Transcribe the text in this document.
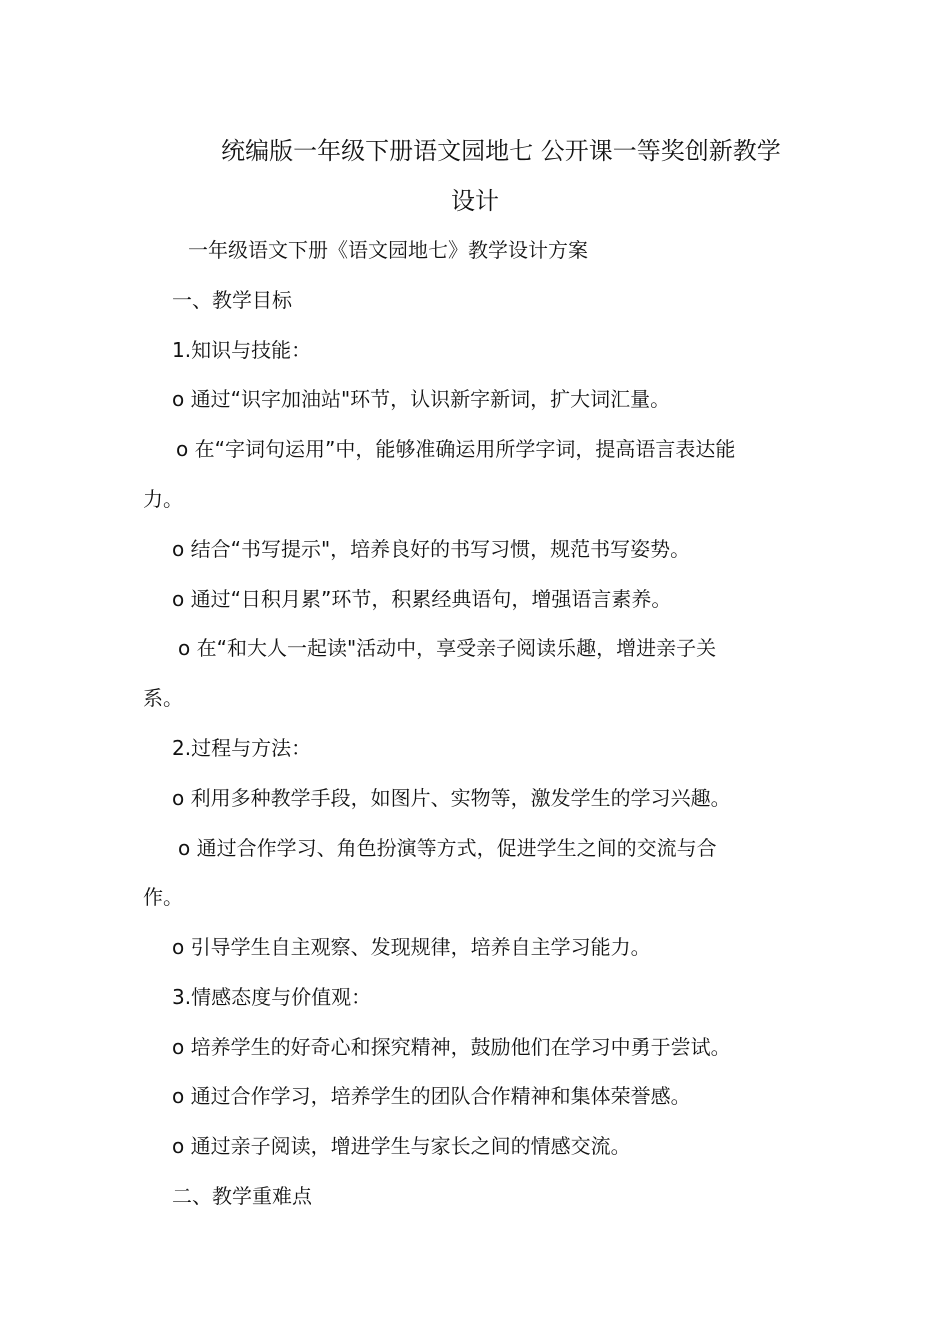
统编版一年级下册语文园地七 公开课一等奖创新教学
设计
一年级语文下册《语文园地七》教学设计方案
一、教学目标
1.知识与技能：
o 通过“识字加油站"环节，认识新字新词，扩大词汇量。
o 在“字词句运用”中，能够准确运用所学字词，提高语言表达能
力。
o 结合“书写提示"，培养良好的书写习惯，规范书写姿势。
o 通过“日积月累”环节，积累经典语句，增强语言素养。
o 在“和大人一起读"活动中，享受亲子阅读乐趣，增进亲子关
系。
2.过程与方法：
o 利用多种教学手段，如图片、实物等，激发学生的学习兴趣。
o 通过合作学习、角色扮演等方式，促进学生之间的交流与合
作。
o 引导学生自主观察、发现规律，培养自主学习能力。
3.情感态度与价值观：
o 培养学生的好奇心和探究精神，鼓励他们在学习中勇于尝试。
o 通过合作学习，培养学生的团队合作精神和集体荣誉感。
o 通过亲子阅读，增进学生与家长之间的情感交流。
二、教学重难点
